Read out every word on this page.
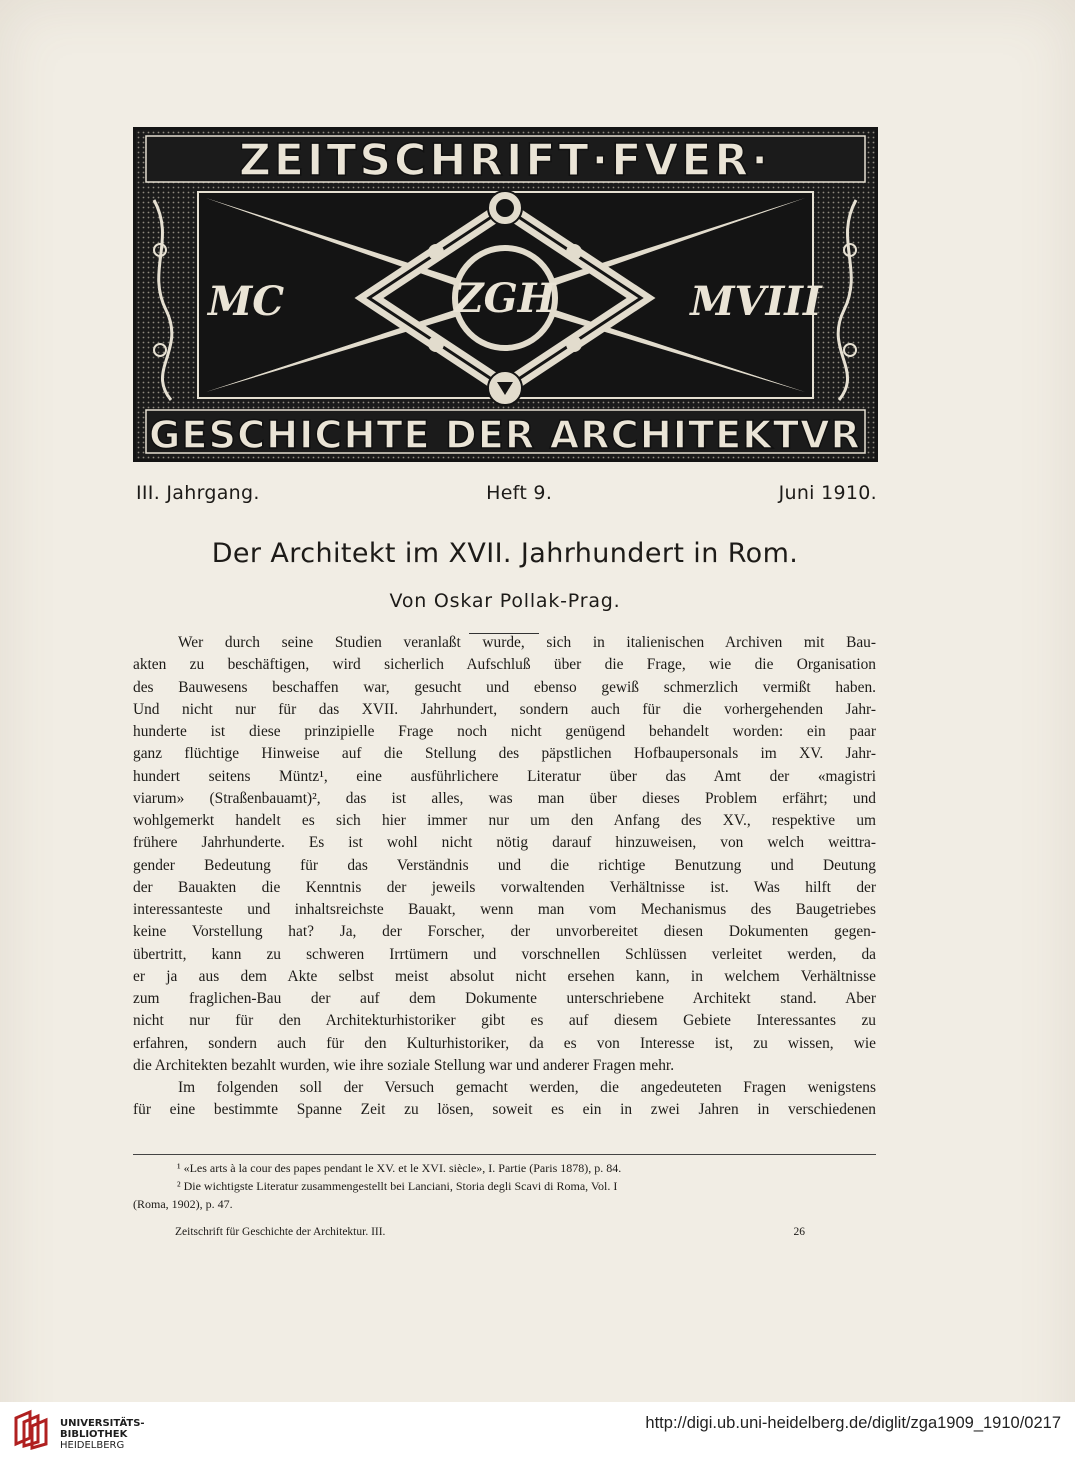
ZEITSCHRIFT·FVER·
GESCHICHTE DER ARCHITEKTVR
ZGH
MC	MVIII
III. Jahrgang.	Heft 9.	Juni 1910.
Der Architekt im XVII. Jahrhundert in Rom.
Von Oskar Pollak-Prag.
Wer durch seine Studien veranlaßt wurde, sich in italienischen Archiven mit Bau-
akten zu beschäftigen, wird sicherlich Aufschluß über die Frage, wie die Organisation
des Bauwesens beschaffen war, gesucht und ebenso gewiß schmerzlich vermißt haben.
Und nicht nur für das XVII. Jahrhundert, sondern auch für die vorhergehenden Jahr-
hunderte ist diese prinzipielle Frage noch nicht genügend behandelt worden: ein paar
ganz flüchtige Hinweise auf die Stellung des päpstlichen Hofbaupersonals im XV. Jahr-
hundert seitens Müntz¹, eine ausführlichere Literatur über das Amt der «magistri
viarum» (Straßenbauamt)², das ist alles, was man über dieses Problem erfährt; und
wohlgemerkt handelt es sich hier immer nur um den Anfang des XV., respektive um
frühere Jahrhunderte. Es ist wohl nicht nötig darauf hinzuweisen, von welch weittra-
gender Bedeutung für das Verständnis und die richtige Benutzung und Deutung
der Bauakten die Kenntnis der jeweils vorwaltenden Verhältnisse ist. Was hilft der
interessanteste und inhaltsreichste Bauakt, wenn man vom Mechanismus des Baugetriebes
keine Vorstellung hat? Ja, der Forscher, der unvorbereitet diesen Dokumenten gegen-
übertritt, kann zu schweren Irrtümern und vorschnellen Schlüssen verleitet werden, da
er ja aus dem Akte selbst meist absolut nicht ersehen kann, in welchem Verhältnisse
zum fraglichen-Bau der auf dem Dokumente unterschriebene Architekt stand. Aber
nicht nur für den Architekturhistoriker gibt es auf diesem Gebiete Interessantes zu
erfahren, sondern auch für den Kulturhistoriker, da es von Interesse ist, zu wissen, wie
die Architekten bezahlt wurden, wie ihre soziale Stellung war und anderer Fragen mehr.
Im folgenden soll der Versuch gemacht werden, die angedeuteten Fragen wenigstens
für eine bestimmte Spanne Zeit zu lösen, soweit es ein in zwei Jahren in verschiedenen
¹ «Les arts à la cour des papes pendant le XV. et le XVI. siècle», I. Partie (Paris 1878), p. 84.
² Die wichtigste Literatur zusammengestellt bei Lanciani, Storia degli Scavi di Roma, Vol. I
(Roma, 1902), p. 47.
Zeitschrift für Geschichte der Architektur. III.	26
UNIVERSITÄTS-
BIBLIOTHEK
HEIDELBERG
http://digi.ub.uni-heidelberg.de/diglit/zga1909_1910/0217
